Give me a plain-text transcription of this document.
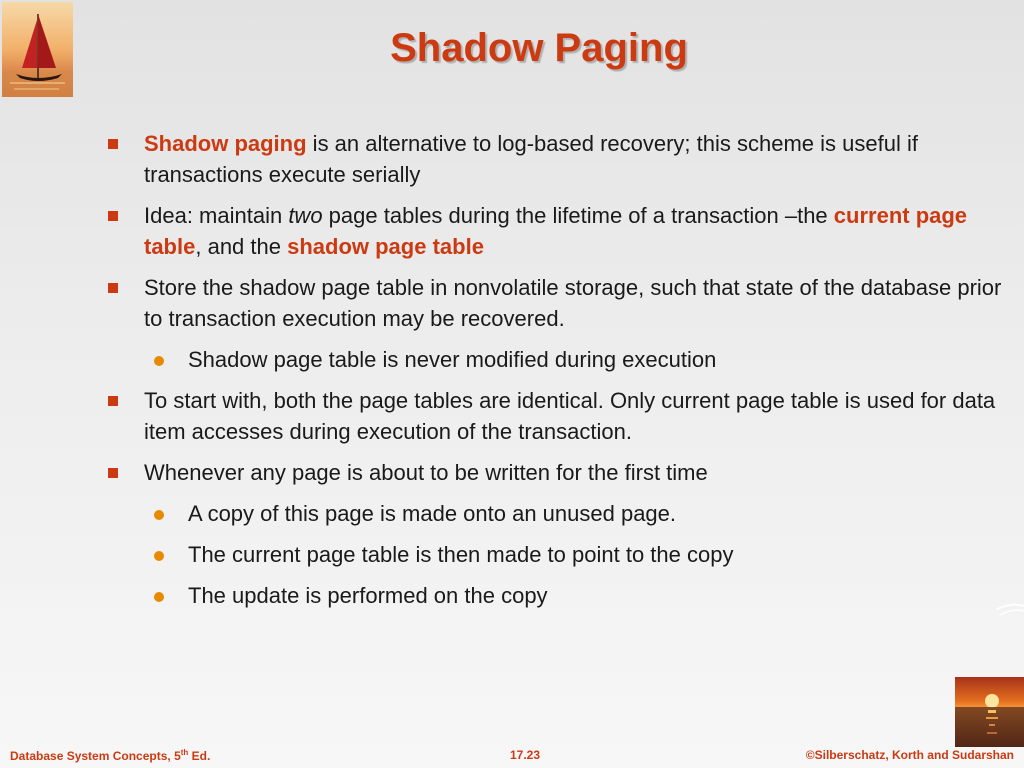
Shadow Paging
Shadow paging is an alternative to log-based recovery; this scheme is useful if transactions execute serially
Idea: maintain two page tables during the lifetime of a transaction –the current page table, and the shadow page table
Store the shadow page table in nonvolatile storage, such that state of the database prior to transaction execution may be recovered.
Shadow page table is never modified during execution
To start with, both the page tables are identical. Only current page table is used for data item accesses during execution of the transaction.
Whenever any page is about to be written for the first time
A copy of this page is made onto an unused page.
The current page table is then made to point to the copy
The update is performed on the copy
Database System Concepts, 5th Ed.	17.23	©Silberschatz, Korth and Sudarshan
